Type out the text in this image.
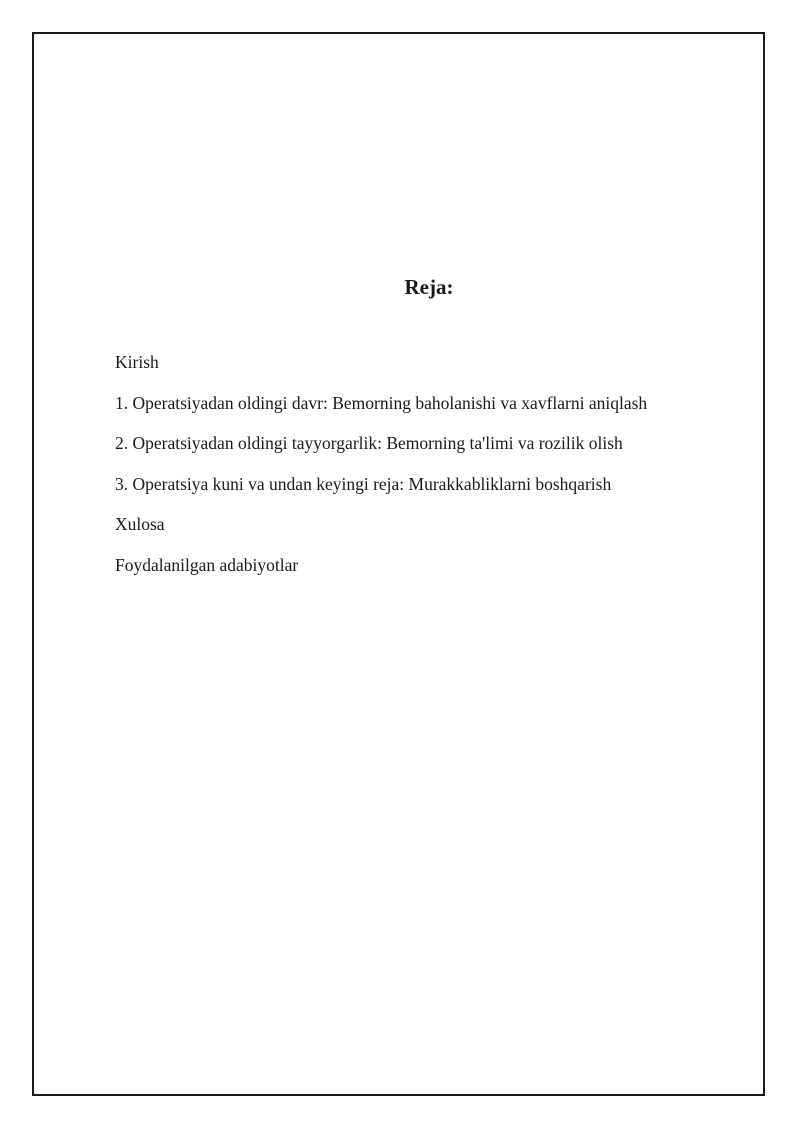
Reja:
Kirish
1. Operatsiyadan oldingi davr: Bemorning baholanishi va xavflarni aniqlash
2. Operatsiyadan oldingi tayyorgarlik: Bemorning ta'limi va rozilik olish
3. Operatsiya kuni va undan keyingi reja: Murakkabliklarni boshqarish
Xulosa
Foydalanilgan adabiyotlar
